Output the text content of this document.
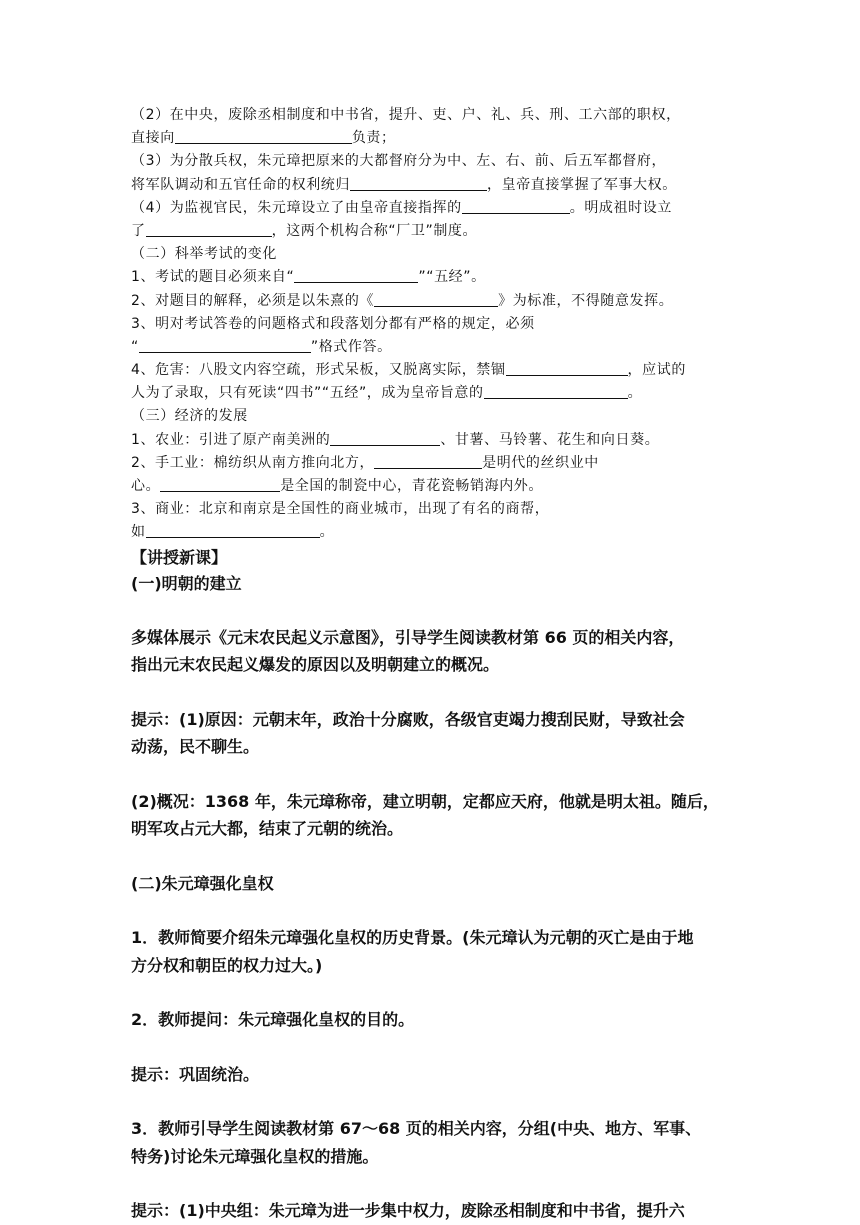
（2）在中央，废除丞相制度和中书省，提升、吏、户、礼、兵、刑、工六部的职权，
直接向	负责；
（3）为分散兵权，朱元璋把原来的大都督府分为中、左、右、前、后五军都督府，
将军队调动和五官任命的权利统归	，皇帝直接掌握了军事大权。
（4）为监视官民，朱元璋设立了由皇帝直接指挥的	。明成祖时设立
了	，这两个机构合称“厂卫”制度。
（二）科举考试的变化
1、考试的题目必须来自“	”“五经”。
2、对题目的解释，必须是以朱熹的《	》为标准，不得随意发挥。
3、明对考试答卷的问题格式和段落划分都有严格的规定，必须
“	”格式作答。
4、危害：八股文内容空疏，形式呆板，又脱离实际，禁锢	，应试的
人为了录取，只有死读“四书”“五经”，成为皇帝旨意的	。
（三）经济的发展
1、农业：引进了原产南美洲的	、甘薯、马铃薯、花生和向日葵。
2、手工业：棉纺织从南方推向北方，	是明代的丝织业中
心。	是全国的制瓷中心，青花瓷畅销海内外。
3、商业：北京和南京是全国性的商业城市，出现了有名的商帮，
如	。
【讲授新课】
(一)明朝的建立

多媒体展示《元末农民起义示意图》，引导学生阅读教材第 66 页的相关内容，

指出元末农民起义爆发的原因以及明朝建立的概况。

提示：(1)原因：元朝末年，政治十分腐败，各级官吏竭力搜刮民财，导致社会

动荡，民不聊生。

(2)概况：1368 年，朱元璋称帝，建立明朝，定都应天府，他就是明太祖。随后，

明军攻占元大都，结束了元朝的统治。

(二)朱元璋强化皇权

1．教师简要介绍朱元璋强化皇权的历史背景。(朱元璋认为元朝的灭亡是由于地

方分权和朝臣的权力过大。)

2．教师提问：朱元璋强化皇权的目的。

提示：巩固统治。

3．教师引导学生阅读教材第 67～68 页的相关内容，分组(中央、地方、军事、

特务)讨论朱元璋强化皇权的措施。

提示：(1)中央组：朱元璋为进一步集中权力，废除丞相制度和中书省，提升六
